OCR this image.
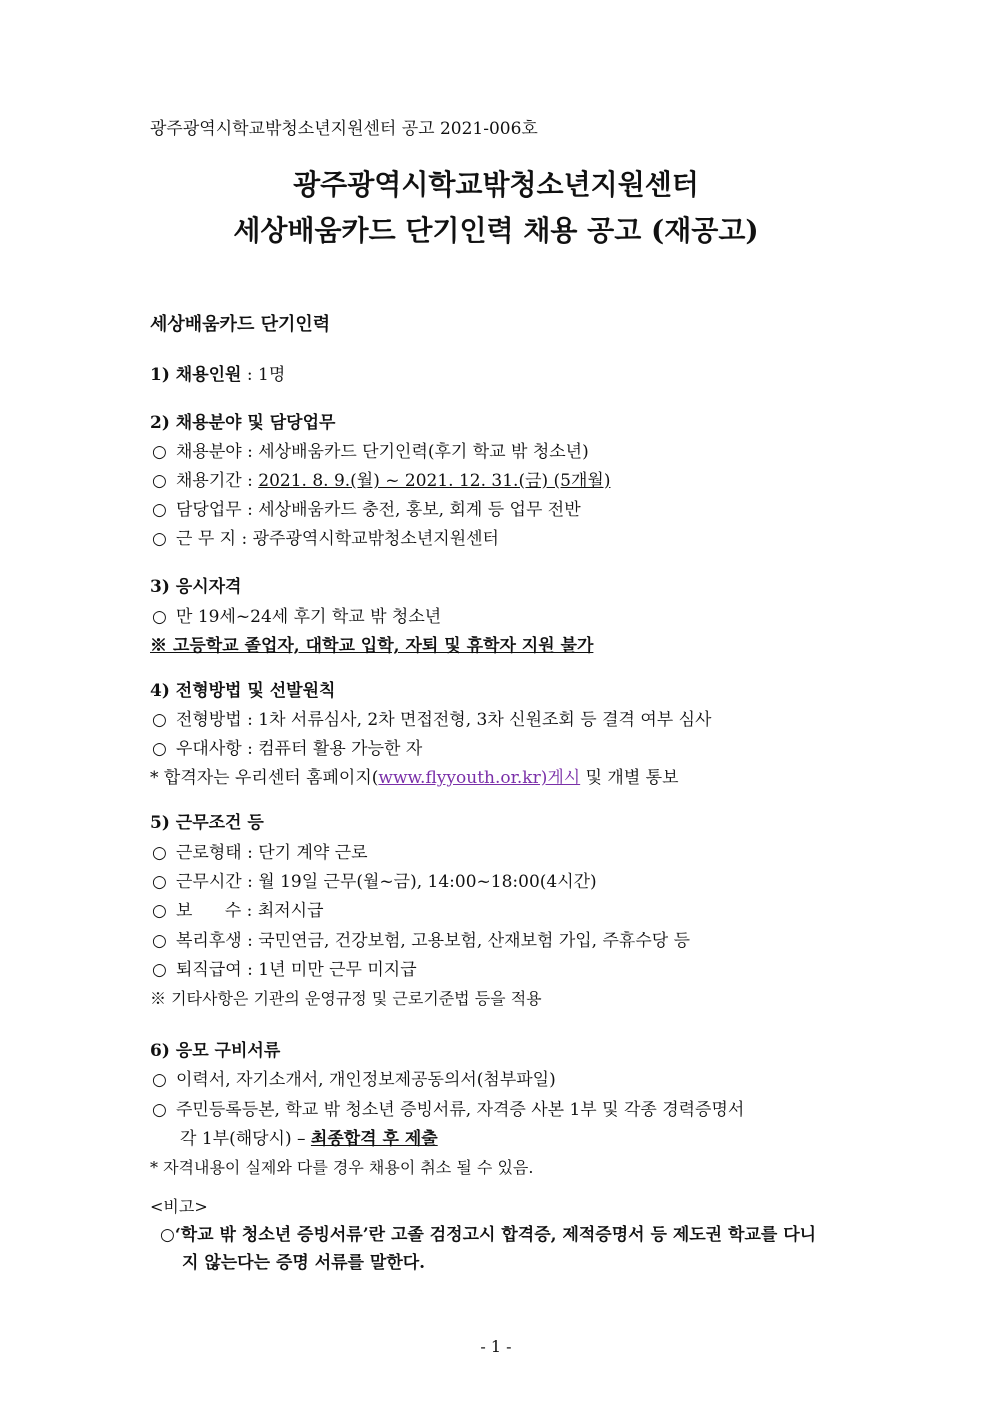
광주광역시학교밖청소년지원센터 공고 2021-006호
광주광역시학교밖청소년지원센터
세상배움카드 단기인력 채용 공고 (재공고)
세상배움카드 단기인력
1) 채용인원 : 1명
2) 채용분야 및 담당업무
○ 채용분야 : 세상배움카드 단기인력(후기 학교 밖 청소년)
○ 채용기간 : 2021. 8. 9.(월) ~ 2021. 12. 31.(금) (5개월)
○ 담당업무 : 세상배움카드 충전, 홍보, 회계 등 업무 전반
○ 근 무 지 : 광주광역시학교밖청소년지원센터
3) 응시자격
○ 만 19세~24세 후기 학교 밖 청소년
※ 고등학교 졸업자, 대학교 입학, 자퇴 및 휴학자 지원 불가
4) 전형방법 및 선발원칙
○ 전형방법 : 1차 서류심사, 2차 면접전형, 3차 신원조회 등 결격 여부 심사
○ 우대사항 : 컴퓨터 활용 가능한 자
* 합격자는 우리센터 홈페이지(www.flyyouth.or.kr)게시 및 개별 통보
5) 근무조건 등
○ 근로형태 : 단기 계약 근로
○ 근무시간 : 월 19일 근무(월~금), 14:00~18:00(4시간)
○ 보      수 : 최저시급
○ 복리후생 : 국민연금, 건강보험, 고용보험, 산재보험 가입, 주휴수당 등
○ 퇴직급여 : 1년 미만 근무 미지급
※ 기타사항은 기관의 운영규정 및 근로기준법 등을 적용
6) 응모 구비서류
○ 이력서, 자기소개서, 개인정보제공동의서(첨부파일)
○ 주민등록등본, 학교 밖 청소년 증빙서류, 자격증 사본 1부 및 각종 경력증명서
각 1부(해당시) – 최종합격 후 제출
* 자격내용이 실제와 다를 경우 채용이 취소 될 수 있음.
<비고>
○‘학교 밖 청소년 증빙서류’란 고졸 검정고시 합격증, 제적증명서 등 제도권 학교를 다니
지 않는다는 증명 서류를 말한다.
- 1 -
